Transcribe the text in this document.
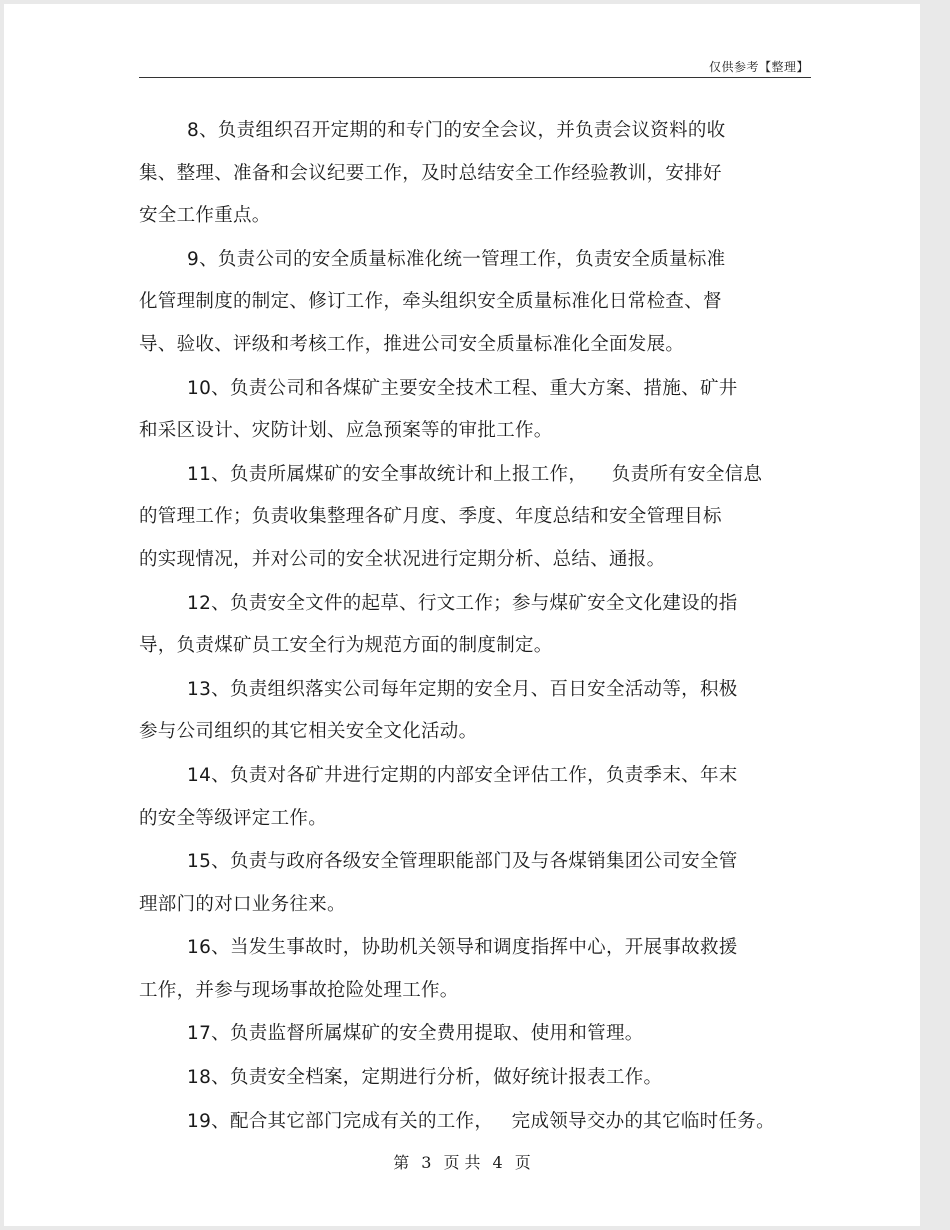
仅供参考【整理】
8、负责组织召开定期的和专门的安全会议，并负责会议资料的收
集、整理、准备和会议纪要工作，及时总结安全工作经验教训，安排好
安全工作重点。
9、负责公司的安全质量标准化统一管理工作，负责安全质量标准
化管理制度的制定、修订工作，牵头组织安全质量标准化日常检查、督
导、验收、评级和考核工作，推进公司安全质量标准化全面发展。
10、负责公司和各煤矿主要安全技术工程、重大方案、措施、矿井
和采区设计、灾防计划、应急预案等的审批工作。
11、负责所属煤矿的安全事故统计和上报工作，    负责所有安全信息
的管理工作；负责收集整理各矿月度、季度、年度总结和安全管理目标
的实现情况，并对公司的安全状况进行定期分析、总结、通报。
12、负责安全文件的起草、行文工作；参与煤矿安全文化建设的指
导，负责煤矿员工安全行为规范方面的制度制定。
13、负责组织落实公司每年定期的安全月、百日安全活动等，积极
参与公司组织的其它相关安全文化活动。
14、负责对各矿井进行定期的内部安全评估工作，负责季末、年末
的安全等级评定工作。
15、负责与政府各级安全管理职能部门及与各煤销集团公司安全管
理部门的对口业务往来。
16、当发生事故时，协助机关领导和调度指挥中心，开展事故救援
工作，并参与现场事故抢险处理工作。
17、负责监督所属煤矿的安全费用提取、使用和管理。
18、负责安全档案，定期进行分析，做好统计报表工作。
19、配合其它部门完成有关的工作，   完成领导交办的其它临时任务。
第 3 页 共 4 页
